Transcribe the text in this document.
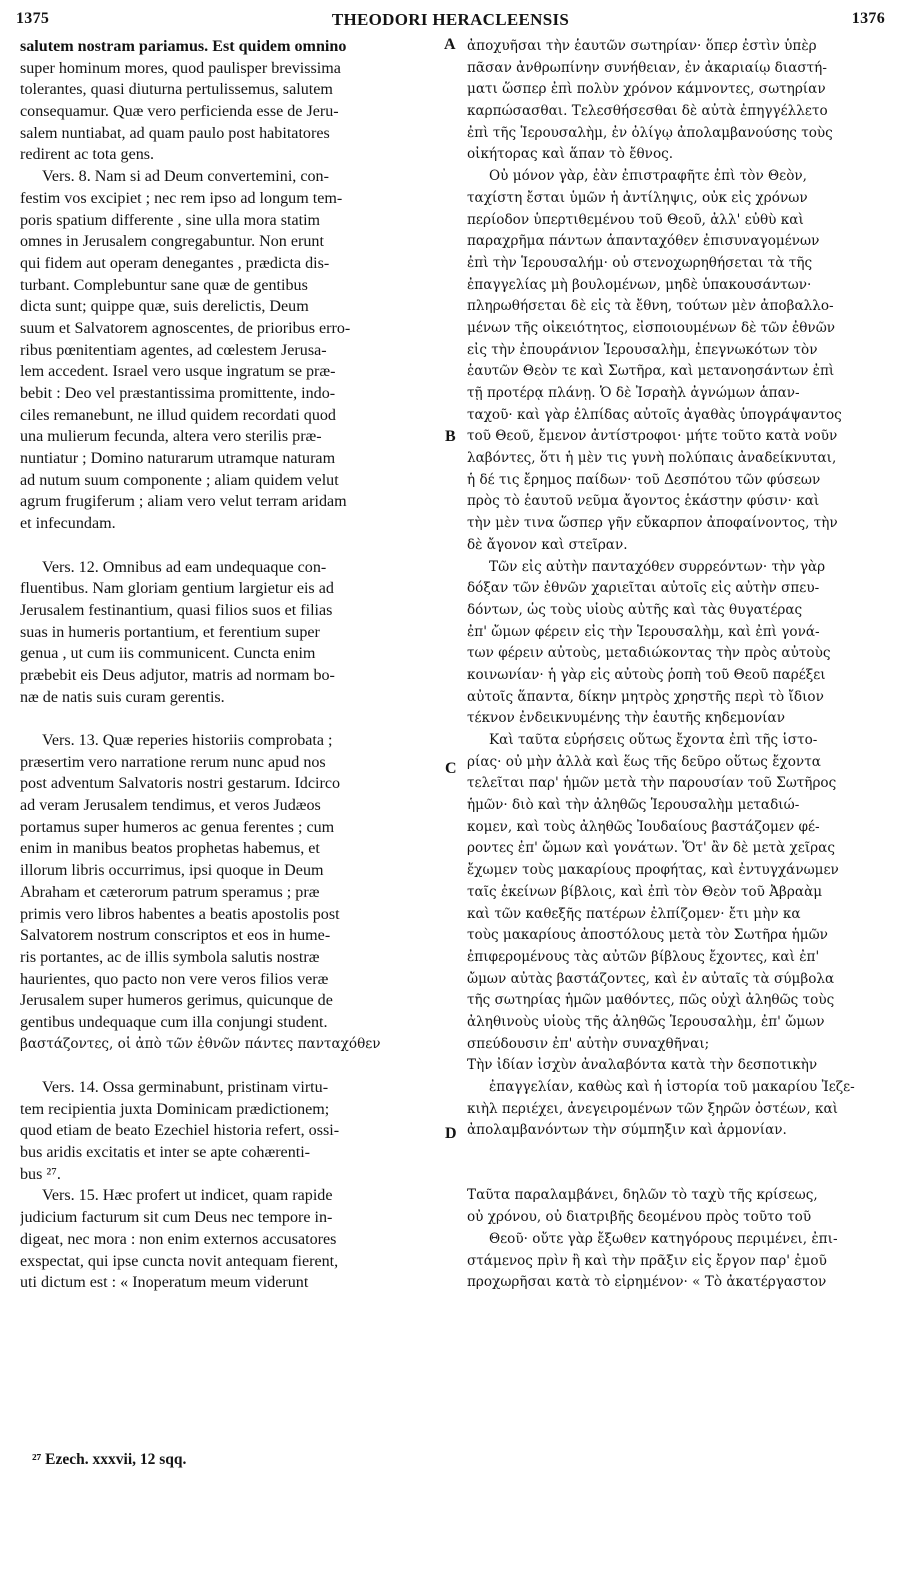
1375	THEODORI HERACLEENSIS	1376
salutem nostram pariamus. Est quidem omnino
super hominum mores, quod paulisper brevissima
tolerantes, quasi diuturna pertulissemus, salutem
consequamur. Quæ vero perficienda esse de Jeru-
salem nuntiabat, ad quam paulo post habitatores
redirent ac tota gens.
Vers. 8. Nam si ad Deum convertemini, con-
festim vos excipiet ; nec rem ipso ad longum tem-
poris spatium differente , sine ulla mora statim
omnes in Jerusalem congregabuntur. Non erunt
qui fidem aut operam denegantes , prædicta dis-
turbant. Complebuntur sane quæ de gentibus
dicta sunt; quippe quæ, suis derelictis, Deum
suum et Salvatorem agnoscentes, de prioribus erro-
ribus pœnitentiam agentes, ad cœlestem Jerusa-
lem accedent. Israel vero usque ingratum se præ-
bebit : Deo vel præstantissima promittente, indo-
ciles remanebunt, ne illud quidem recordati quod
una mulierum fecunda, altera vero sterilis præ-
nuntiatur ; Domino naturarum utramque naturam
ad nutum suum componente ; aliam quidem velut
agrum frugiferum ; aliam vero velut terram aridam
et infecundam.
Vers. 12. Omnibus ad eam undequaque con-
fluentibus. Nam gloriam gentium largietur eis ad
Jerusalem festinantium, quasi filios suos et filias
suas in humeris portantium, et ferentium super
genua , ut cum iis communicent. Cuncta enim
præbebit eis Deus adjutor, matris ad normam bo-
næ de natis suis curam gerentis.
Vers. 13. Quæ reperies historiis comprobata ;
præsertim vero narratione rerum nunc apud nos
post adventum Salvatoris nostri gestarum. Idcirco
ad veram Jerusalem tendimus, et veros Judæos
portamus super humeros ac genua ferentes ; cum
enim in manibus beatos prophetas habemus, et
illorum libris occurrimus, ipsi quoque in Deum
Abraham et cæterorum patrum speramus ; præ
primis vero libros habentes a beatis apostolis post
Salvatorem nostrum conscriptos et eos in hume-
ris portantes, ac de illis symbola salutis nostræ
haurientes, quo pacto non vere veros filios veræ
Jerusalem super humeros gerimus, quicunque de
gentibus undequaque cum illa conjungi student.
βαστάζοντες, οἱ ἀπὸ τῶν ἐθνῶν πάντες πανταχόθεν
Vers. 14. Ossa germinabunt, pristinam virtu-
tem recipientia juxta Dominicam prædictionem;
quod etiam de beato Ezechiel historia refert, ossi-
bus aridis excitatis et inter se apte cohærenti-
bus ²⁷.
Vers. 15. Hæc profert ut indicet, quam rapide
judicium facturum sit cum Deus nec tempore in-
digeat, nec mora : non enim externos accusatores
exspectat, qui ipse cuncta novit antequam fierent,
uti dictum est : « Inoperatum meum viderunt
ἀποχυῆσαι τὴν ἑαυτῶν σωτηρίαν· ὅπερ ἐστὶν ὑπὲρ
πᾶσαν ἀνθρωπίνην συνήθειαν, ἐν ἀκαριαίῳ διαστή-
ματι ὥσπερ ἐπὶ πολὺν χρόνον κάμνοντες, σωτηρίαν
καρπώσασθαι. Τελεσθήσεσθαι δὲ αὐτὰ ἐπηγγέλλετο
ἐπὶ τῆς Ἱερουσαλὴμ, ἐν ὀλίγῳ ἀπολαμβανούσης τοὺς
οἰκήτορας καὶ ἅπαν τὸ ἔθνος.
Οὐ μόνον γὰρ, ἐὰν ἐπιστραφῆτε ἐπὶ τὸν Θεὸν,
ταχίστη ἔσται ὑμῶν ἡ ἀντίληψις, οὐκ εἰς χρόνων
περίοδον ὑπερτιθεμένου τοῦ Θεοῦ, ἀλλ' εὐθὺ καὶ
παραχρῆμα πάντων ἁπανταχόθεν ἐπισυναγομένων
ἐπὶ τὴν Ἱερουσαλήμ· οὐ στενοχωρηθήσεται τὰ τῆς
ἐπαγγελίας μὴ βουλομένων, μηδὲ ὑπακουσάντων·
πληρωθήσεται δὲ εἰς τὰ ἔθνη, τούτων μὲν ἀποβαλλο-
μένων τῆς οἰκειότητος, εἰσποιουμένων δὲ τῶν ἐθνῶν
εἰς τὴν ἐπουράνιον Ἱερουσαλὴμ, ἐπεγνωκότων τὸν
ἑαυτῶν Θεὸν τε καὶ Σωτῆρα, καὶ μετανοησάντων ἐπὶ
τῇ προτέρᾳ πλάνῃ. Ὁ δὲ Ἰσραὴλ ἀγνώμων ἁπαν-
ταχοῦ· καὶ γὰρ ἐλπίδας αὐτοῖς ἀγαθὰς ὑπογράψαντος
τοῦ Θεοῦ, ἔμενον ἀντίστροφοι· μήτε τοῦτο κατὰ νοῦν
λαβόντες, ὅτι ἡ μὲν τις γυνὴ πολύπαις ἀναδείκνυται,
ἡ δέ τις ἔρημος παίδων· τοῦ Δεσπότου τῶν φύσεων
πρὸς τὸ ἑαυτοῦ νεῦμα ἄγοντος ἑκάστην φύσιν· καὶ
τὴν μὲν τινα ὥσπερ γῆν εὔκαρπον ἀποφαίνοντος, τὴν
δὲ ἄγονον καὶ στεῖραν.
Τῶν εἰς αὐτὴν πανταχόθεν συρρεόντων· τὴν γὰρ
δόξαν τῶν ἐθνῶν χαριεῖται αὐτοῖς εἰς αὐτὴν σπευ-
δόντων, ὡς τοὺς υἱοὺς αὐτῆς καὶ τὰς θυγατέρας
ἐπ' ὤμων φέρειν εἰς τὴν Ἱερουσαλὴμ, καὶ ἐπὶ γονά-
των φέρειν αὐτοὺς, μεταδιώκοντας τὴν πρὸς αὐτοὺς
κοινωνίαν· ἡ γὰρ εἰς αὐτοὺς ῥοπὴ τοῦ Θεοῦ παρέξει
αὐτοῖς ἅπαντα, δίκην μητρὸς χρηστῆς περὶ τὸ ἴδιον
τέκνον ἐνδεικνυμένης τὴν ἑαυτῆς κηδεμονίαν
Καὶ ταῦτα εὑρήσεις οὕτως ἔχοντα ἐπὶ τῆς ἱστο-
ρίας· οὐ μὴν ἀλλὰ καὶ ἕως τῆς δεῦρο οὕτως ἔχοντα
τελεῖται παρ' ἡμῶν μετὰ τὴν παρουσίαν τοῦ Σωτῆρος
ἡμῶν· διὸ καὶ τὴν ἀληθῶς Ἱερουσαλὴμ μεταδιώ-
κομεν, καὶ τοὺς ἀληθῶς Ἰουδαίους βαστάζομεν φέ-
ροντες ἐπ' ὤμων καὶ γονάτων. Ὅτ' ἂν δὲ μετὰ χεῖρας
ἔχωμεν τοὺς μακαρίους προφήτας, καὶ ἐντυγχάνωμεν
ταῖς ἐκείνων βίβλοις, καὶ ἐπὶ τὸν Θεὸν τοῦ Ἀβραὰμ
καὶ τῶν καθεξῆς πατέρων ἐλπίζομεν· ἔτι μὴν κα
τοὺς μακαρίους ἀποστόλους μετὰ τὸν Σωτῆρα ἡμῶν
ἐπιφερομένους τὰς αὐτῶν βίβλους ἔχοντες, καὶ ἐπ'
ὤμων αὐτὰς βαστάζοντες, καὶ ἐν αὐταῖς τὰ σύμβολα
τῆς σωτηρίας ἡμῶν μαθόντες, πῶς οὐχὶ ἀληθῶς τοὺς
ἀληθινοὺς υἱοὺς τῆς ἀληθῶς Ἱερουσαλὴμ, ἐπ' ὤμων
σπεύδουσιν ἐπ' αὐτὴν συναχθῆναι;
Τὴν ἰδίαν ἰσχὺν ἀναλαβόντα κατὰ τὴν δεσποτικὴν
ἐπαγγελίαν, καθὼς καὶ ἡ ἱστορία τοῦ μακαρίου Ἰεζε-
κιὴλ περιέχει, ἀνεγειρομένων τῶν ξηρῶν ὀστέων, καὶ
ἀπολαμβανόντων τὴν σύμπηξιν καὶ ἁρμονίαν.
Ταῦτα παραλαμβάνει, δηλῶν τὸ ταχὺ τῆς κρίσεως,
οὐ χρόνου, οὐ διατριβῆς δεομένου πρὸς τοῦτο τοῦ
Θεοῦ· οὔτε γὰρ ἔξωθεν κατηγόρους περιμένει, ἐπι-
στάμενος πρὶν ἢ καὶ τὴν πρᾶξιν εἰς ἔργον παρ' ἐμοῦ
προχωρῆσαι κατὰ τὸ εἰρημένον· « Τὸ ἀκατέργαστον
A
B
C
D
²⁷ Ezech. xxxvii, 12 sqq.
